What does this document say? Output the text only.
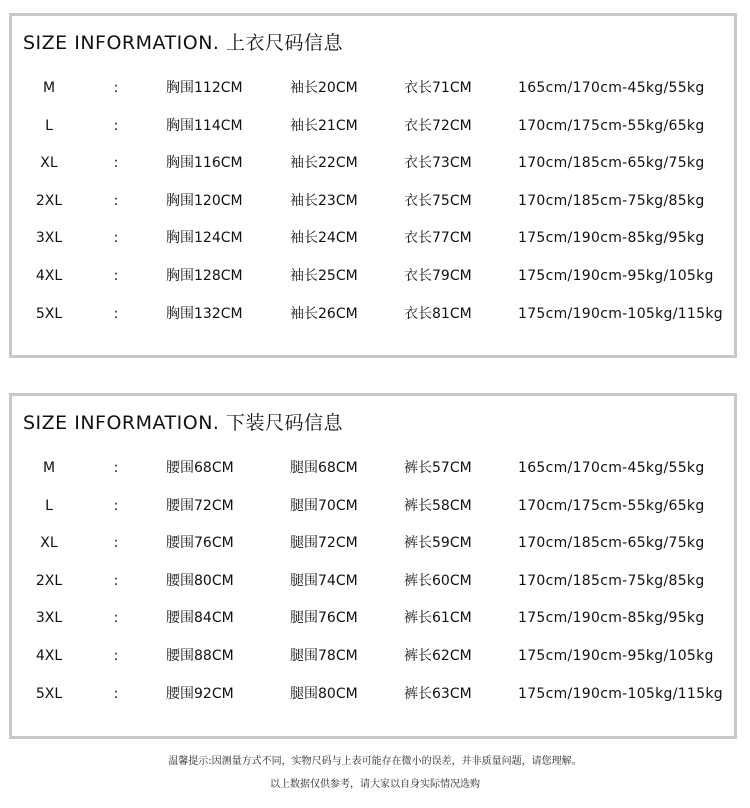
SIZE INFORMATION. 上衣尺码信息
M	:	胸围112CM	袖长20CM	衣长71CM	165cm/170cm-45kg/55kg
L	:	胸围114CM	袖长21CM	衣长72CM	170cm/175cm-55kg/65kg
XL	:	胸围116CM	袖长22CM	衣长73CM	170cm/185cm-65kg/75kg
2XL	:	胸围120CM	袖长23CM	衣长75CM	170cm/185cm-75kg/85kg
3XL	:	胸围124CM	袖长24CM	衣长77CM	175cm/190cm-85kg/95kg
4XL	:	胸围128CM	袖长25CM	衣长79CM	175cm/190cm-95kg/105kg
5XL	:	胸围132CM	袖长26CM	衣长81CM	175cm/190cm-105kg/115kg
SIZE INFORMATION. 下装尺码信息
M	:	腰围68CM	腿围68CM	裤长57CM	165cm/170cm-45kg/55kg
L	:	腰围72CM	腿围70CM	裤长58CM	170cm/175cm-55kg/65kg
XL	:	腰围76CM	腿围72CM	裤长59CM	170cm/185cm-65kg/75kg
2XL	:	腰围80CM	腿围74CM	裤长60CM	170cm/185cm-75kg/85kg
3XL	:	腰围84CM	腿围76CM	裤长61CM	175cm/190cm-85kg/95kg
4XL	:	腰围88CM	腿围78CM	裤长62CM	175cm/190cm-95kg/105kg
5XL	:	腰围92CM	腿围80CM	裤长63CM	175cm/190cm-105kg/115kg
温馨提示:因测量方式不同，实物尺码与上表可能存在微小的误差，并非质量问题，请您理解。
以上数据仅供参考，请大家以自身实际情况选购
